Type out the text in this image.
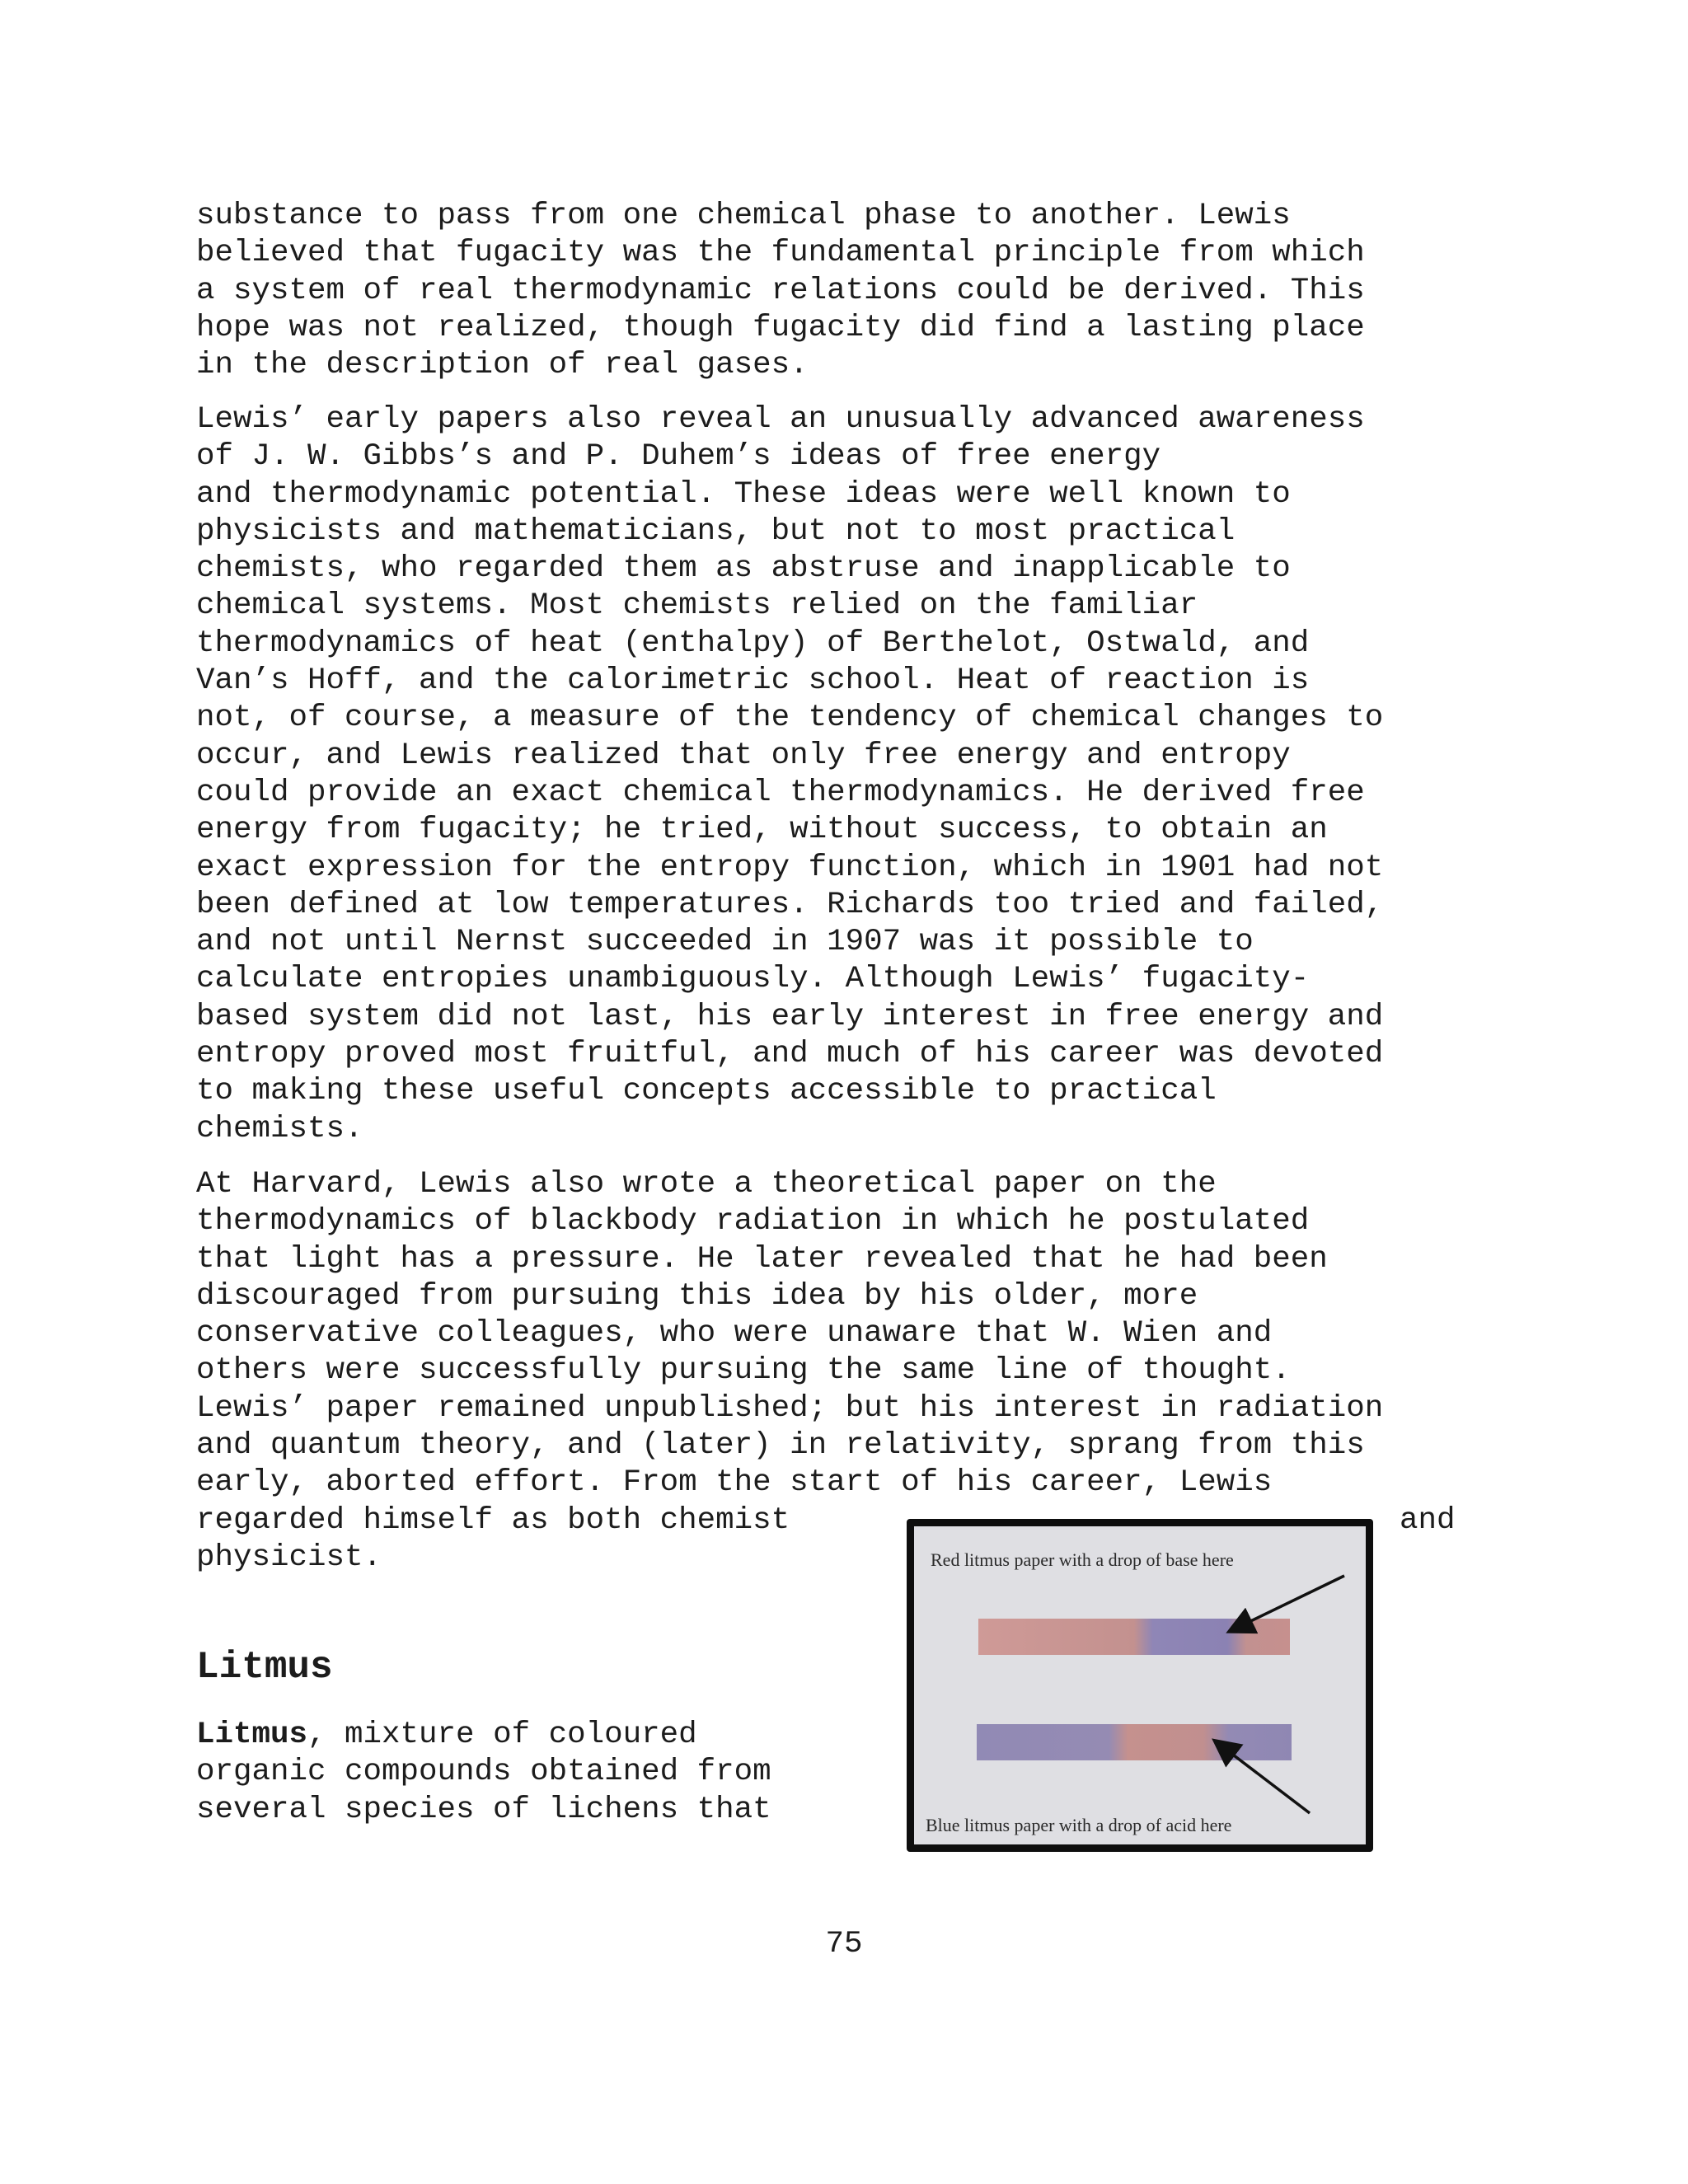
substance to pass from one chemical phase to another. Lewis
believed that fugacity was the fundamental principle from which
a system of real thermodynamic relations could be derived. This
hope was not realized, though fugacity did find a lasting place
in the description of real gases.
Lewis’ early papers also reveal an unusually advanced awareness
of J. W. Gibbs’s and P. Duhem’s ideas of free energy
and thermodynamic potential. These ideas were well known to
physicists and mathematicians, but not to most practical
chemists, who regarded them as abstruse and inapplicable to
chemical systems. Most chemists relied on the familiar
thermodynamics of heat (enthalpy) of Berthelot, Ostwald, and
Van’s Hoff, and the calorimetric school. Heat of reaction is
not, of course, a measure of the tendency of chemical changes to
occur, and Lewis realized that only free energy and entropy
could provide an exact chemical thermodynamics. He derived free
energy from fugacity; he tried, without success, to obtain an
exact expression for the entropy function, which in 1901 had not
been defined at low temperatures. Richards too tried and failed,
and not until Nernst succeeded in 1907 was it possible to
calculate entropies unambiguously. Although Lewis’ fugacity-
based system did not last, his early interest in free energy and
entropy proved most fruitful, and much of his career was devoted
to making these useful concepts accessible to practical
chemists.
At Harvard, Lewis also wrote a theoretical paper on the
thermodynamics of blackbody radiation in which he postulated
that light has a pressure. He later revealed that he had been
discouraged from pursuing this idea by his older, more
conservative colleagues, who were unaware that W. Wien and
others were successfully pursuing the same line of thought.
Lewis’ paper remained unpublished; but his interest in radiation
and quantum theory, and (later) in relativity, sprang from this
early, aborted effort. From the start of his career, Lewis
regarded himself as both chemist	and
physicist.
Litmus
Litmus, mixture of coloured
organic compounds obtained from
several species of lichens that
Red litmus paper with a drop of base here
Blue litmus paper with a drop of acid here
75
